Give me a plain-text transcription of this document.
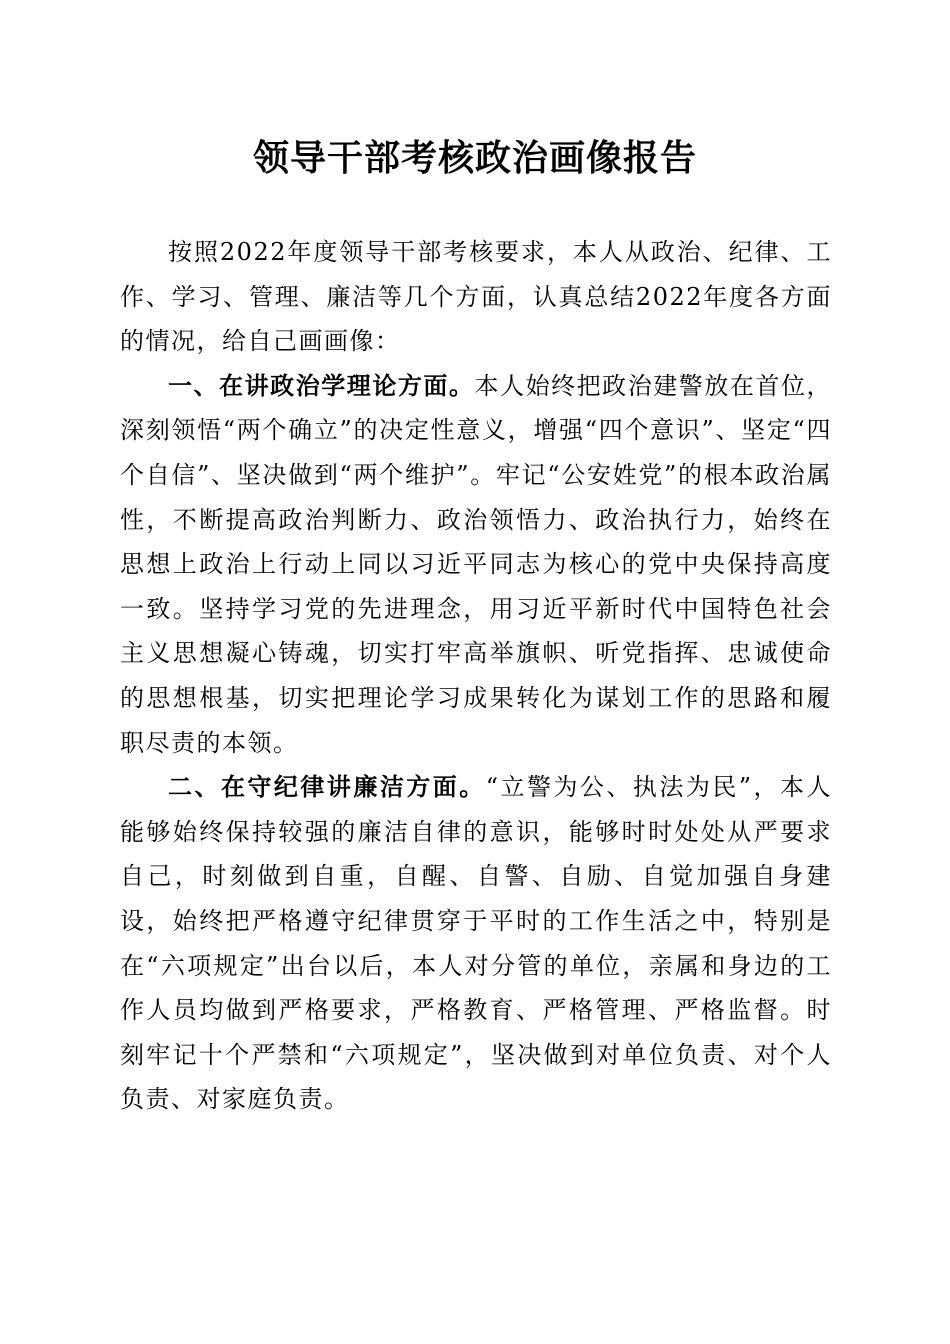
领导干部考核政治画像报告

按照2022年度领导干部考核要求，本人从政治、纪律、工作、学习、管理、廉洁等几个方面，认真总结2022年度各方面的情况，给自己画画像：

一、在讲政治学理论方面。本人始终把政治建警放在首位，深刻领悟“两个确立”的决定性意义，增强“四个意识”、坚定“四个自信”、坚决做到“两个维护”。牢记“公安姓党”的根本政治属性，不断提高政治判断力、政治领悟力、政治执行力，始终在思想上政治上行动上同以习近平同志为核心的党中央保持高度一致。坚持学习党的先进理念，用习近平新时代中国特色社会主义思想凝心铸魂，切实打牢高举旗帜、听党指挥、忠诚使命的思想根基，切实把理论学习成果转化为谋划工作的思路和履职尽责的本领。

二、在守纪律讲廉洁方面。“立警为公、执法为民”，本人能够始终保持较强的廉洁自律的意识，能够时时处处从严要求自己，时刻做到自重，自醒、自警、自励、自觉加强自身建设，始终把严格遵守纪律贯穿于平时的工作生活之中，特别是在“六项规定”出台以后，本人对分管的单位，亲属和身边的工作人员均做到严格要求，严格教育、严格管理、严格监督。时刻牢记十个严禁和“六项规定”，坚决做到对单位负责、对个人负责、对家庭负责。
